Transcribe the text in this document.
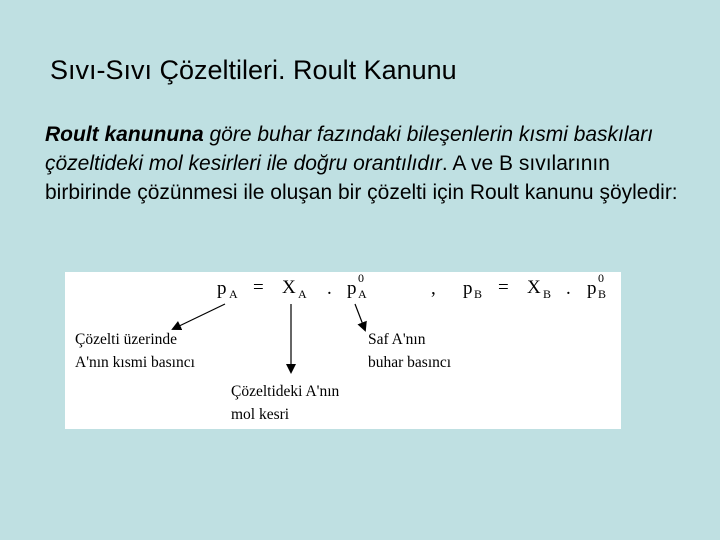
Sıvı-Sıvı Çözeltileri. Roult Kanunu
Roult kanununa göre buhar fazındaki bileşenlerin kısmi baskıları çözeltideki mol kesirleri ile doğru orantılıdır. A ve B sıvılarının birbirinde çözünmesi ile oluşan bir çözelti için Roult kanunu şöyledir:
p A = X A . p 0
A	, p B = X B . p 0
B
Çözelti üzerinde
A'nın kısmi basıncı
Saf A'nın
buhar basıncı
Çözeltideki A'nın
mol kesri
